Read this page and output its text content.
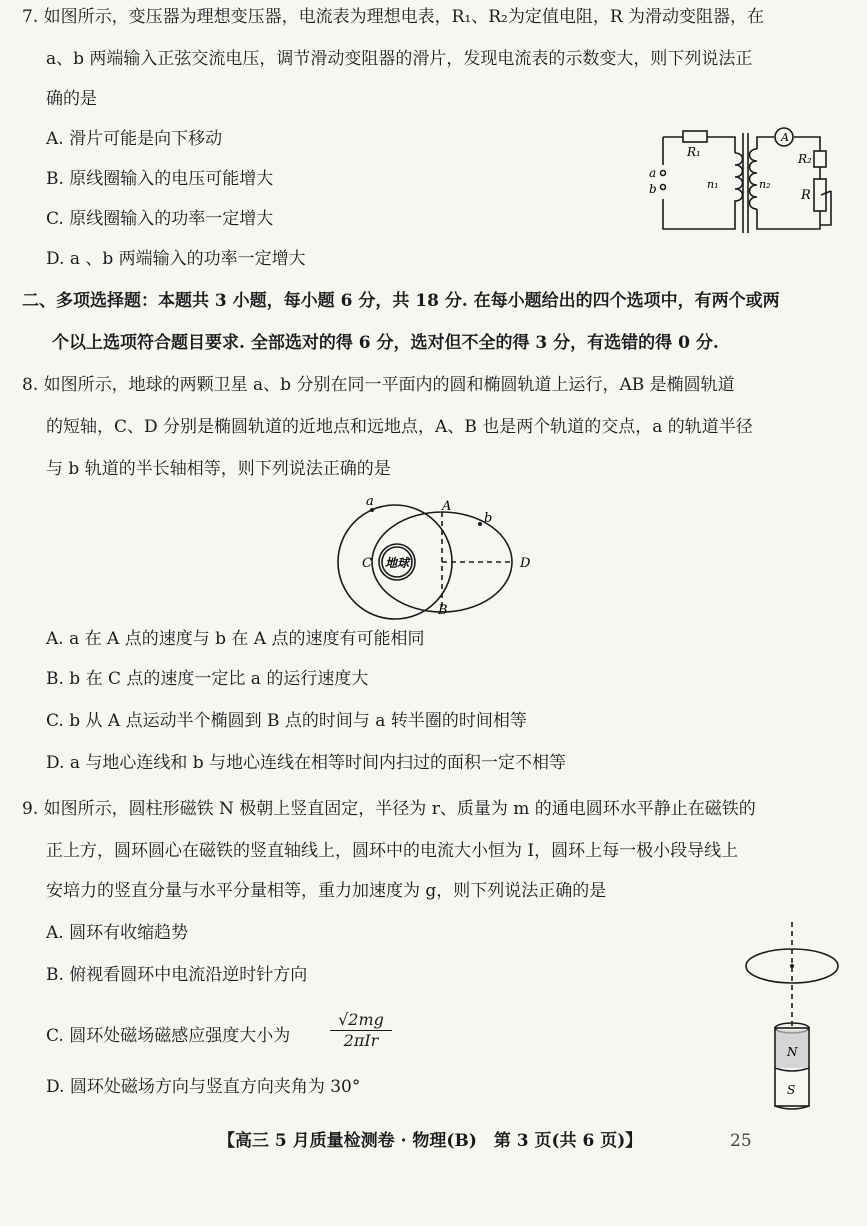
7. 如图所示，变压器为理想变压器，电流表为理想电表，R₁、R₂为定值电阻，R 为滑动变阻器，在
a、b 两端输入正弦交流电压，调节滑动变阻器的滑片，发现电流表的示数变大，则下列说法正
确的是
A. 滑片可能是向下移动
B. 原线圈输入的电压可能增大
C. 原线圈输入的功率一定增大
D. a 、b 两端输入的功率一定增大
A
R₁	R₂
R
n₁	n₂
a
b
二、多项选择题：本题共 3 小题，每小题 6 分，共 18 分. 在每小题给出的四个选项中，有两个或两
个以上选项符合题目要求. 全部选对的得 6 分，选对但不全的得 3 分，有选错的得 0 分.
8. 如图所示，地球的两颗卫星 a、b 分别在同一平面内的圆和椭圆轨道上运行，AB 是椭圆轨道
的短轴，C、D 分别是椭圆轨道的近地点和远地点，A、B 也是两个轨道的交点，a 的轨道半径
与 b 轨道的半长轴相等，则下列说法正确的是
a
b
A
B
C	D
地球
A. a 在 A 点的速度与 b 在 A 点的速度有可能相同
B. b 在 C 点的速度一定比 a 的运行速度大
C. b 从 A 点运动半个椭圆到 B 点的时间与 a 转半圈的时间相等
D. a 与地心连线和 b 与地心连线在相等时间内扫过的面积一定不相等
9. 如图所示，圆柱形磁铁 N 极朝上竖直固定，半径为 r、质量为 m 的通电圆环水平静止在磁铁的
正上方，圆环圆心在磁铁的竖直轴线上，圆环中的电流大小恒为 I，圆环上每一极小段导线上
安培力的竖直分量与水平分量相等，重力加速度为 g，则下列说法正确的是
A. 圆环有收缩趋势
B. 俯视看圆环中电流沿逆时针方向
C. 圆环处磁场磁感应强度大小为
√2mg
2πIr
D. 圆环处磁场方向与竖直方向夹角为 30°
N
S
【高三 5 月质量检测卷 · 物理(B)　第 3 页(共 6 页)】	25
